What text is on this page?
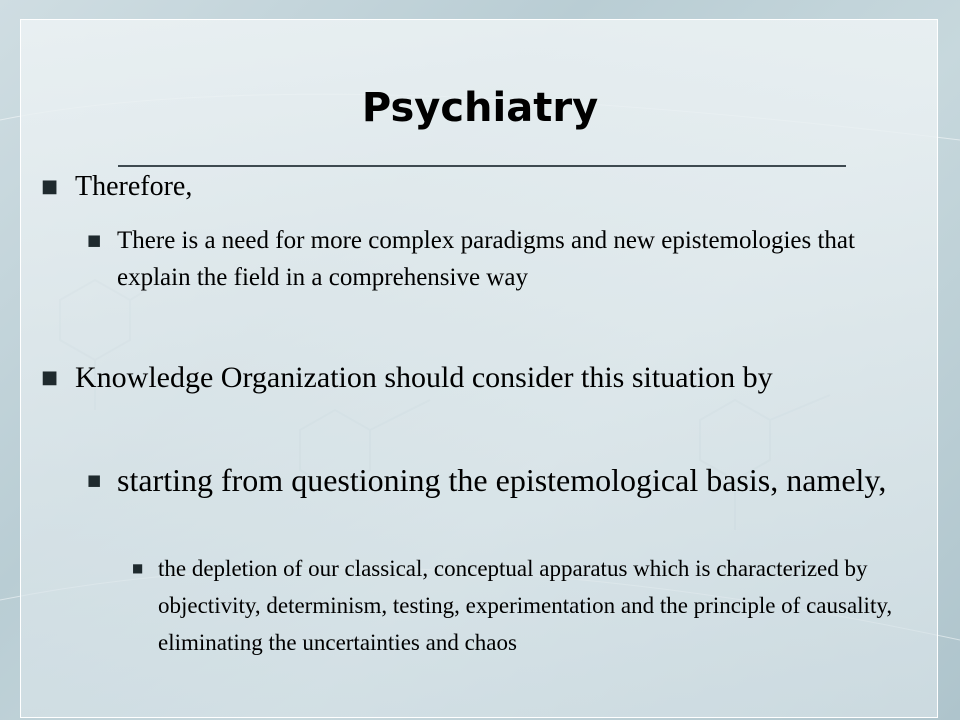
Psychiatry
■ Therefore,
■ There is a need for more complex paradigms and new epistemologies that explain the field in a comprehensive way
■ Knowledge Organization should consider this situation by
■ starting from questioning the epistemological basis, namely,
■ the depletion of our classical, conceptual apparatus which is characterized by objectivity, determinism, testing, experimentation and the principle of causality, eliminating the uncertainties and chaos
